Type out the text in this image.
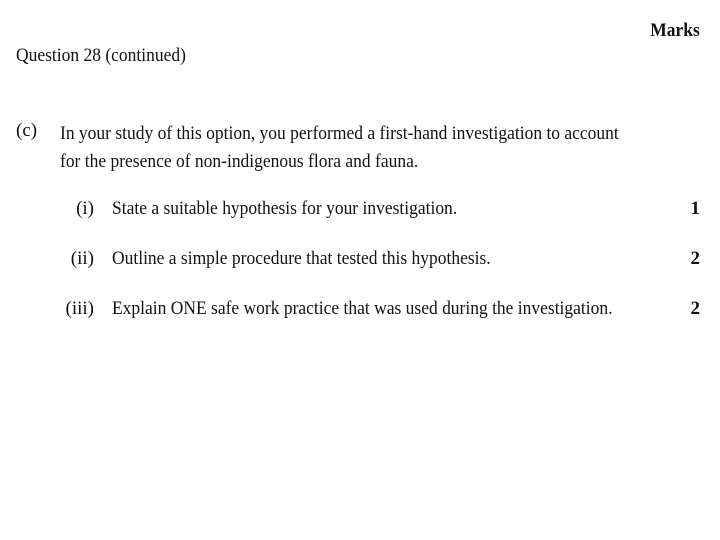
Marks
Question 28 (continued)
(c) In your study of this option, you performed a first-hand investigation to account
for the presence of non-indigenous flora and fauna.
(i) State a suitable hypothesis for your investigation.	1
(ii) Outline a simple procedure that tested this hypothesis.	2
(iii) Explain ONE safe work practice that was used during the investigation.	2
